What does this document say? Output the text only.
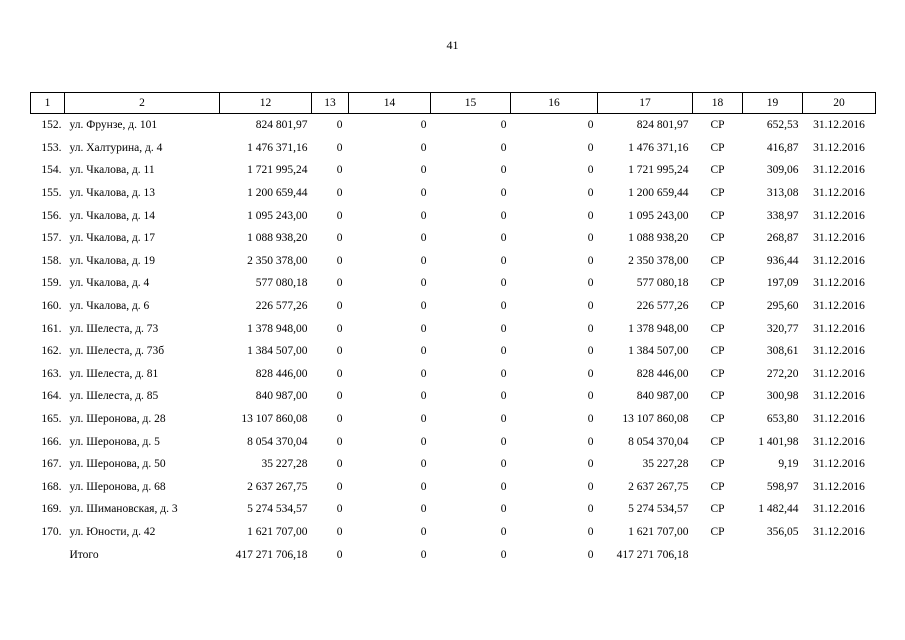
41
1	2	12	13	14	15	16	17	18	19	20
152.	ул. Фрунзе, д. 101	824 801,97	0	0	0	0	824 801,97	СР	652,53	31.12.2016
153.	ул. Халтурина, д. 4	1 476 371,16	0	0	0	0	1 476 371,16	СР	416,87	31.12.2016
154.	ул. Чкалова, д. 11	1 721 995,24	0	0	0	0	1 721 995,24	СР	309,06	31.12.2016
155.	ул. Чкалова, д. 13	1 200 659,44	0	0	0	0	1 200 659,44	СР	313,08	31.12.2016
156.	ул. Чкалова, д. 14	1 095 243,00	0	0	0	0	1 095 243,00	СР	338,97	31.12.2016
157.	ул. Чкалова, д. 17	1 088 938,20	0	0	0	0	1 088 938,20	СР	268,87	31.12.2016
158.	ул. Чкалова, д. 19	2 350 378,00	0	0	0	0	2 350 378,00	СР	936,44	31.12.2016
159.	ул. Чкалова, д. 4	577 080,18	0	0	0	0	577 080,18	СР	197,09	31.12.2016
160.	ул. Чкалова, д. 6	226 577,26	0	0	0	0	226 577,26	СР	295,60	31.12.2016
161.	ул. Шелеста, д. 73	1 378 948,00	0	0	0	0	1 378 948,00	СР	320,77	31.12.2016
162.	ул. Шелеста, д. 73б	1 384 507,00	0	0	0	0	1 384 507,00	СР	308,61	31.12.2016
163.	ул. Шелеста, д. 81	828 446,00	0	0	0	0	828 446,00	СР	272,20	31.12.2016
164.	ул. Шелеста, д. 85	840 987,00	0	0	0	0	840 987,00	СР	300,98	31.12.2016
165.	ул. Шеронова, д. 28	13 107 860,08	0	0	0	0	13 107 860,08	СР	653,80	31.12.2016
166.	ул. Шеронова, д. 5	8 054 370,04	0	0	0	0	8 054 370,04	СР	1 401,98	31.12.2016
167.	ул. Шеронова, д. 50	35 227,28	0	0	0	0	35 227,28	СР	9,19	31.12.2016
168.	ул. Шеронова, д. 68	2 637 267,75	0	0	0	0	2 637 267,75	СР	598,97	31.12.2016
169.	ул. Шимановская, д. 3	5 274 534,57	0	0	0	0	5 274 534,57	СР	1 482,44	31.12.2016
170.	ул. Юности, д. 42	1 621 707,00	0	0	0	0	1 621 707,00	СР	356,05	31.12.2016
	Итого	417 271 706,18	0	0	0	0	417 271 706,18			
